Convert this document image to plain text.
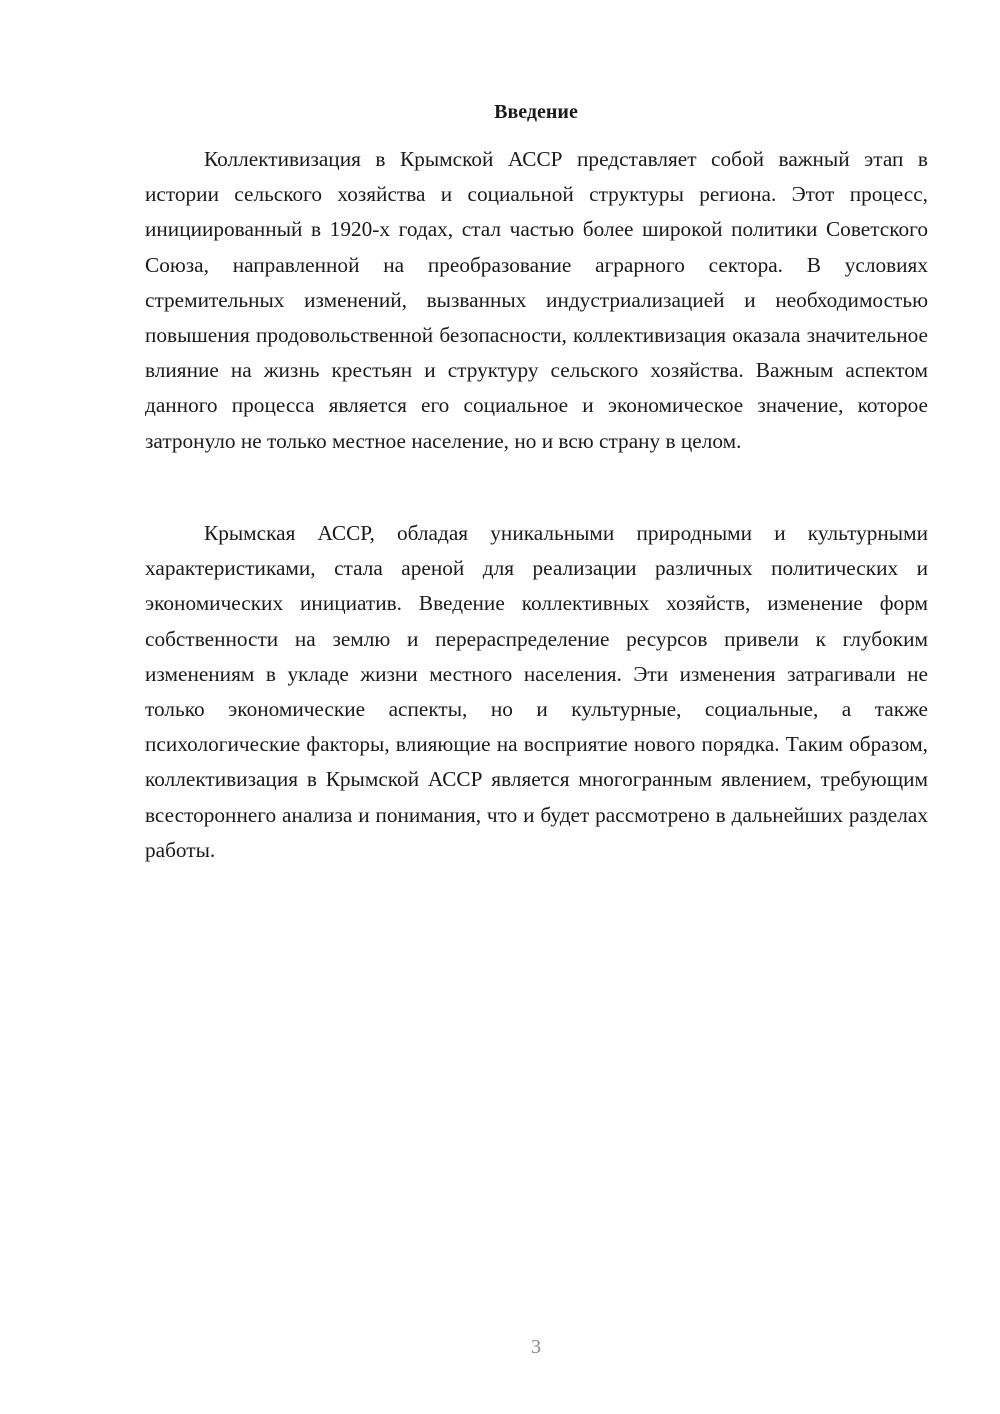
Введение

Коллективизация в Крымской АССР представляет собой важный этап в истории сельского хозяйства и социальной структуры региона. Этот процесс, инициированный в 1920-х годах, стал частью более широкой политики Советского Союза, направленной на преобразование аграрного сектора. В условиях стремительных изменений, вызванных индустриализацией и необходимостью повышения продовольственной безопасности, коллективизация оказала значительное влияние на жизнь крестьян и структуру сельского хозяйства. Важным аспектом данного процесса является его социальное и экономическое значение, которое затронуло не только местное население, но и всю страну в целом.

Крымская АССР, обладая уникальными природными и культурными характеристиками, стала ареной для реализации различных политических и экономических инициатив. Введение коллективных хозяйств, изменение форм собственности на землю и перераспределение ресурсов привели к глубоким изменениям в укладе жизни местного населения. Эти изменения затрагивали не только экономические аспекты, но и культурные, социальные, а также психологические факторы, влияющие на восприятие нового порядка. Таким образом, коллективизация в Крымской АССР является многогранным явлением, требующим всестороннего анализа и понимания, что и будет рассмотрено в дальнейших разделах работы.

3
